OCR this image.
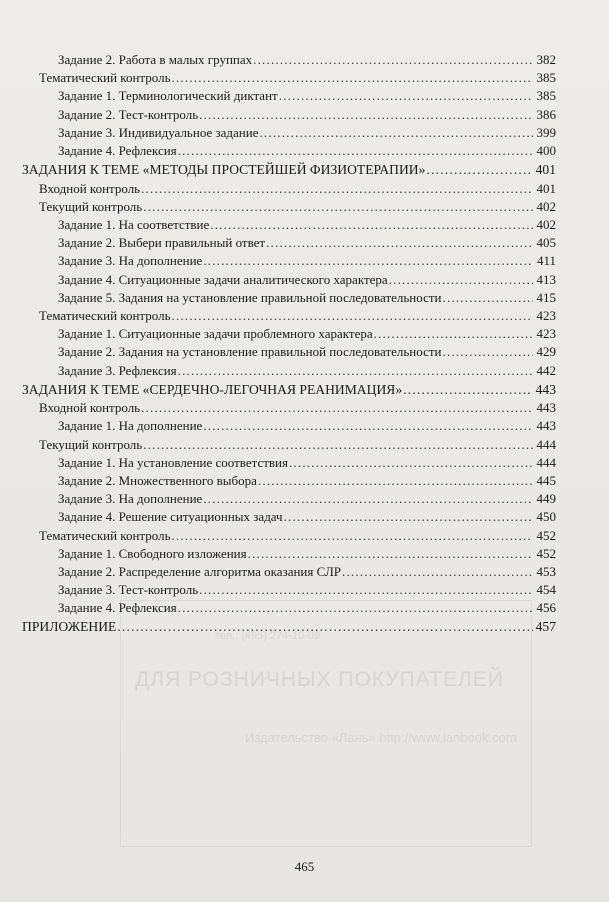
ДЛЯ РОЗНИЧНЫХ ПОКУПАТЕЛЕЙ
Издательство «Лань» http://www.lanbook.com
тел.: (495) 274-10-09
Задание 2. Работа в малых группах .....	382
Тематический контроль .....	385
Задание 1. Терминологический диктант .....	385
Задание 2. Тест-контроль .....	386
Задание 3. Индивидуальное задание .....	399
Задание 4. Рефлексия .....	400
ЗАДАНИЯ К ТЕМЕ «МЕТОДЫ ПРОСТЕЙШЕЙ ФИЗИОТЕРАПИИ» .....	401
Входной контроль .....	401
Текущий контроль .....	402
Задание 1. На соответствие .....	402
Задание 2. Выбери правильный ответ .....	405
Задание 3. На дополнение .....	411
Задание 4. Ситуационные задачи аналитического характера .....	413
Задание 5. Задания на установление правильной последовательности .....	415
Тематический контроль .....	423
Задание 1. Ситуационные задачи проблемного характера .....	423
Задание 2. Задания на установление правильной последовательности .....	429
Задание 3. Рефлексия .....	442
ЗАДАНИЯ К ТЕМЕ «СЕРДЕЧНО-ЛЕГОЧНАЯ РЕАНИМАЦИЯ» .....	443
Входной контроль .....	443
Задание 1. На дополнение .....	443
Текущий контроль .....	444
Задание 1. На установление соответствия .....	444
Задание 2. Множественного выбора .....	445
Задание 3. На дополнение .....	449
Задание 4. Решение ситуационных задач .....	450
Тематический контроль .....	452
Задание 1. Свободного изложения .....	452
Задание 2. Распределение алгоритма оказания СЛР .....	453
Задание 3. Тест-контроль .....	454
Задание 4. Рефлексия .....	456
ПРИЛОЖЕНИЕ .....	457
465
